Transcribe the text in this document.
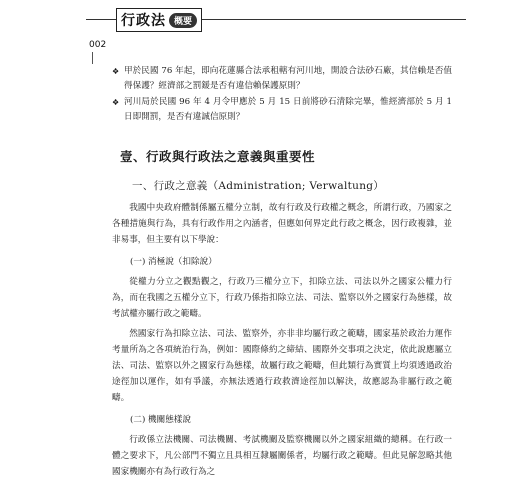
行政法 概要
002
❖ 甲於民國 76 年起，即向花蓮縣合法承租轄有河川地，開設合法砂石廠，其信賴是否值得保護？經濟部之罰鍰是否有違信賴保護原則？
❖ 河川局於民國 96 年 4 月令甲應於 5 月 15 日前將砂石清除完畢，惟經濟部於 5 月 1 日即開罰，是否有違誠信原則？
壹、行政與行政法之意義與重要性
一、行政之意義（Administration; Verwaltung）

我國中央政府體制係屬五權分立制，故有行政及行政權之概念，所謂行政，乃國家之各種措施與行為，具有行政作用之內涵者，但應如何界定此行政之概念，因行政複雜，並非易事，但主要有以下學說：

(一) 消極說（扣除說）

從權力分立之觀點觀之，行政乃三權分立下，扣除立法、司法以外之國家公權力行為，而在我國之五權分立下，行政乃係指扣除立法、司法、監察以外之國家行為態樣，故考試權亦屬行政之範疇。

然國家行為扣除立法、司法、監察外，亦非非均屬行政之範疇，國家基於政治力運作考量所為之各項統治行為，例如：國際條約之締結、國際外交事項之決定，依此說應屬立法、司法、監察以外之國家行為態樣，故屬行政之範疇，但此類行為實質上均須透過政治途徑加以運作，如有爭議，亦無法透過行政救濟途徑加以解決，故應認為非屬行政之範疇。

(二) 機關態樣說

行政係立法機關、司法機關、考試機關及監察機關以外之國家組織的總稱。在行政一體之要求下，凡公部門不獨立且具相互隸屬關係者，均屬行政之範疇。但此見解忽略其他國家機關亦有為行政行為之
